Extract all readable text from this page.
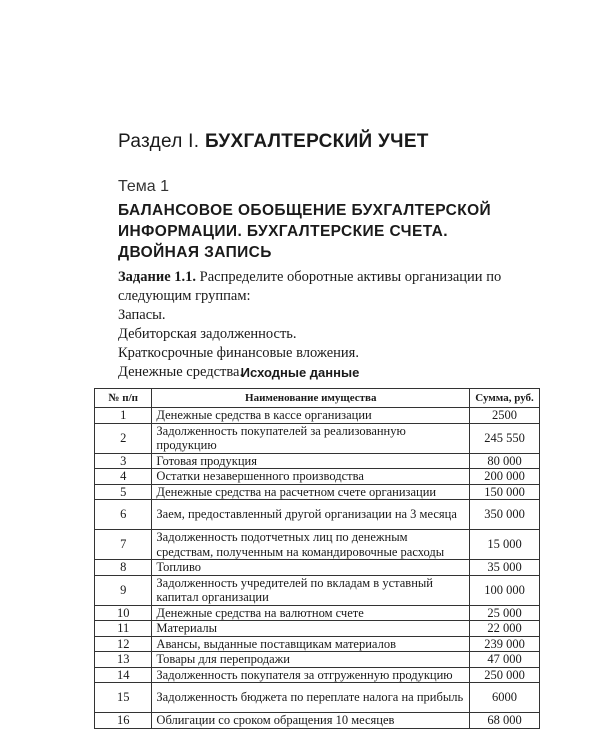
Раздел I. БУХГАЛТЕРСКИЙ УЧЕТ
Тема 1
БАЛАНСОВОЕ ОБОБЩЕНИЕ БУХГАЛТЕРСКОЙ
ИНФОРМАЦИИ. БУХГАЛТЕРСКИЕ СЧЕТА.
ДВОЙНАЯ ЗАПИСЬ

Задание 1.1. Распределите оборотные активы организации по следующим группам:

Запасы.

Дебиторская задолженность.

Краткосрочные финансовые вложения.

Денежные средства.

Исходные данные
№ п/п	Наименование имущества	Сумма, руб.
1	Денежные средства в кассе организации	2500
2	Задолженность покупателей за реализованную продукцию	245 550
3	Готовая продукция	80 000
4	Остатки незавершенного производства	200 000
5	Денежные средства на расчетном счете организации	150 000
6	Заем, предоставленный другой организации на 3 месяца	350 000
7	Задолженность подотчетных лиц по денежным средствам, полученным на командировочные расходы	15 000
8	Топливо	35 000
9	Задолженность учредителей по вкладам в уставный капитал организации	100 000
10	Денежные средства на валютном счете	25 000
11	Материалы	22 000
12	Авансы, выданные поставщикам материалов	239 000
13	Товары для перепродажи	47 000
14	Задолженность покупателя за отгруженную продукцию	250 000
15	Задолженность бюджета по переплате налога на прибыль	6000
16	Облигации со сроком обращения 10 месяцев	68 000
